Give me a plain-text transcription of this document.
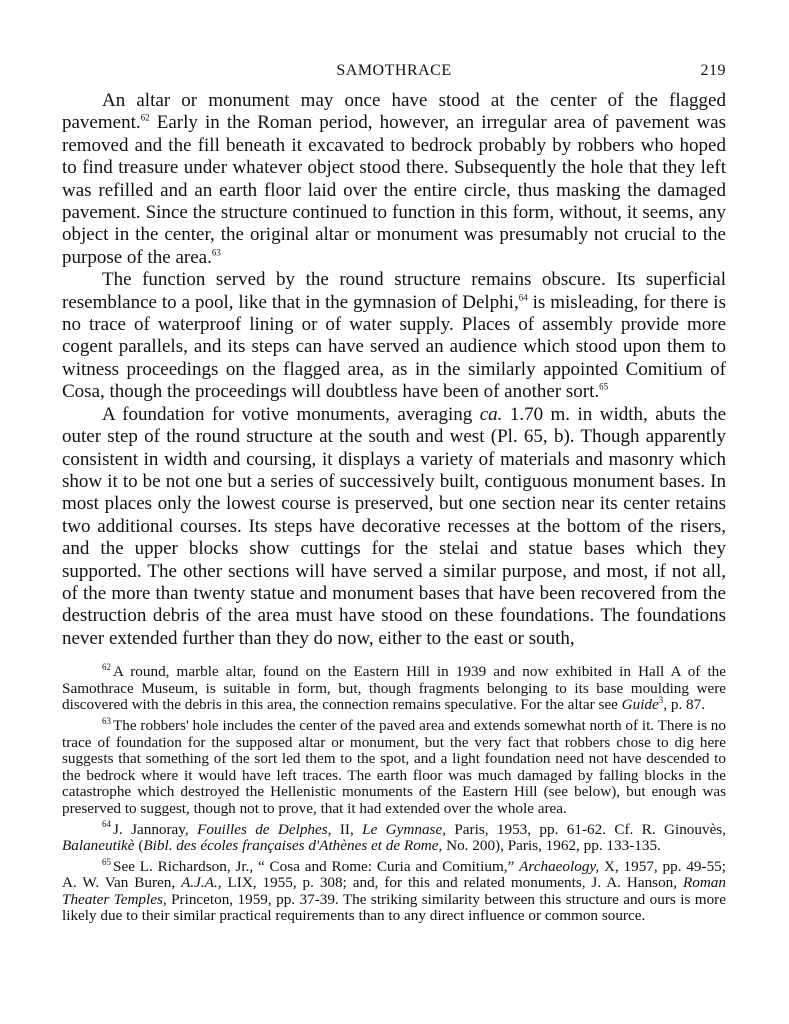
SAMOTHRACE	219

An altar or monument may once have stood at the center of the flagged pavement.$^{62}$ Early in the Roman period, however, an irregular area of pavement was removed and the fill beneath it excavated to bedrock probably by robbers who hoped to find treasure under whatever object stood there. Subsequently the hole that they left was refilled and an earth floor laid over the entire circle, thus masking the damaged pavement. Since the structure continued to function in this form, without, it seems, any object in the center, the original altar or monument was presumably not crucial to the purpose of the area.$^{63}$

The function served by the round structure remains obscure. Its superficial resemblance to a pool, like that in the gymnasion of Delphi,$^{64}$ is misleading, for there is no trace of waterproof lining or of water supply. Places of assembly provide more cogent parallels, and its steps can have served an audience which stood upon them to witness proceedings on the flagged area, as in the similarly appointed Comitium of Cosa, though the proceedings will doubtless have been of another sort.$^{65}$

A foundation for votive monuments, averaging ca. 1.70 m. in width, abuts the outer step of the round structure at the south and west (Pl. 65, b). Though apparently consistent in width and coursing, it displays a variety of materials and masonry which show it to be not one but a series of successively built, contiguous monument bases. In most places only the lowest course is preserved, but one section near its center retains two additional courses. Its steps have decorative recesses at the bottom of the risers, and the upper blocks show cuttings for the stelai and statue bases which they supported. The other sections will have served a similar purpose, and most, if not all, of the more than twenty statue and monument bases that have been recovered from the destruction debris of the area must have stood on these foundations. The foundations never extended further than they do now, either to the east or south,

$^{62}$ A round, marble altar, found on the Eastern Hill in 1939 and now exhibited in Hall A of the Samothrace Museum, is suitable in form, but, though fragments belonging to its base moulding were discovered with the debris in this area, the connection remains speculative. For the altar see Guide$^3$, p. 87.

$^{63}$ The robbers' hole includes the center of the paved area and extends somewhat north of it. There is no trace of foundation for the supposed altar or monument, but the very fact that robbers chose to dig here suggests that something of the sort led them to the spot, and a light foundation need not have descended to the bedrock where it would have left traces. The earth floor was much damaged by falling blocks in the catastrophe which destroyed the Hellenistic monuments of the Eastern Hill (see below), but enough was preserved to suggest, though not to prove, that it had extended over the whole area.

$^{64}$ J. Jannoray, Fouilles de Delphes, II, Le Gymnase, Paris, 1953, pp. 61-62. Cf. R. Ginouvès, Balaneutikè (Bibl. des écoles françaises d'Athènes et de Rome, No. 200), Paris, 1962, pp. 133-135.

$^{65}$ See L. Richardson, Jr., “ Cosa and Rome: Curia and Comitium,” Archaeology, X, 1957, pp. 49-55; A. W. Van Buren, A.J.A., LIX, 1955, p. 308; and, for this and related monuments, J. A. Hanson, Roman Theater Temples, Princeton, 1959, pp. 37-39. The striking similarity between this structure and ours is more likely due to their similar practical requirements than to any direct influence or common source.
